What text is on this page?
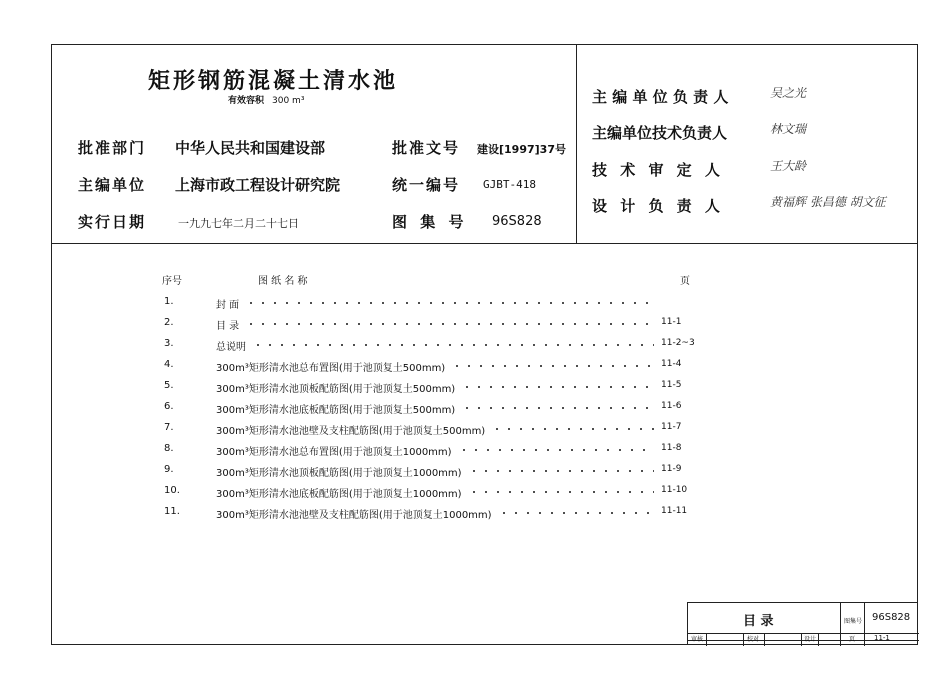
矩形钢筋混凝土清水池
有效容积 300 m³
批准部门 中华人民共和国建设部	批准文号 建设[1997]37号
主编单位 上海市政工程设计研究院	统一编号 GJBT-418
实行日期	一九九七年二月二十七日	图 集 号 96S828
主 编 单 位 负 责 人	吴之光
主编单位技术负责人	林文瑞
技 术 审 定 人	王大龄
设 计 负 责 人	黄福辉 张昌德 胡文征
序号	图 纸 名 称	页
1.	封 面
2.	目 录	11-1
3.	总说明	11-2~3
4.	300m³矩形清水池总布置图(用于池顶复土500mm)	11-4
5.	300m³矩形清水池顶板配筋图(用于池顶复土500mm)	11-5
6.	300m³矩形清水池底板配筋图(用于池顶复土500mm)	11-6
7.	300m³矩形清水池池壁及支柱配筋图(用于池顶复土500mm)	11-7
8.	300m³矩形清水池总布置图(用于池顶复土1000mm)	11-8
9.	300m³矩形清水池顶板配筋图(用于池顶复土1000mm)	11-9
10.	300m³矩形清水池底板配筋图(用于池顶复土1000mm)	11-10
11.	300m³矩形清水池池壁及支柱配筋图(用于池顶复土1000mm)	11-11
目 录	图集号 96S828
审核	校对	设计	页	11-1
